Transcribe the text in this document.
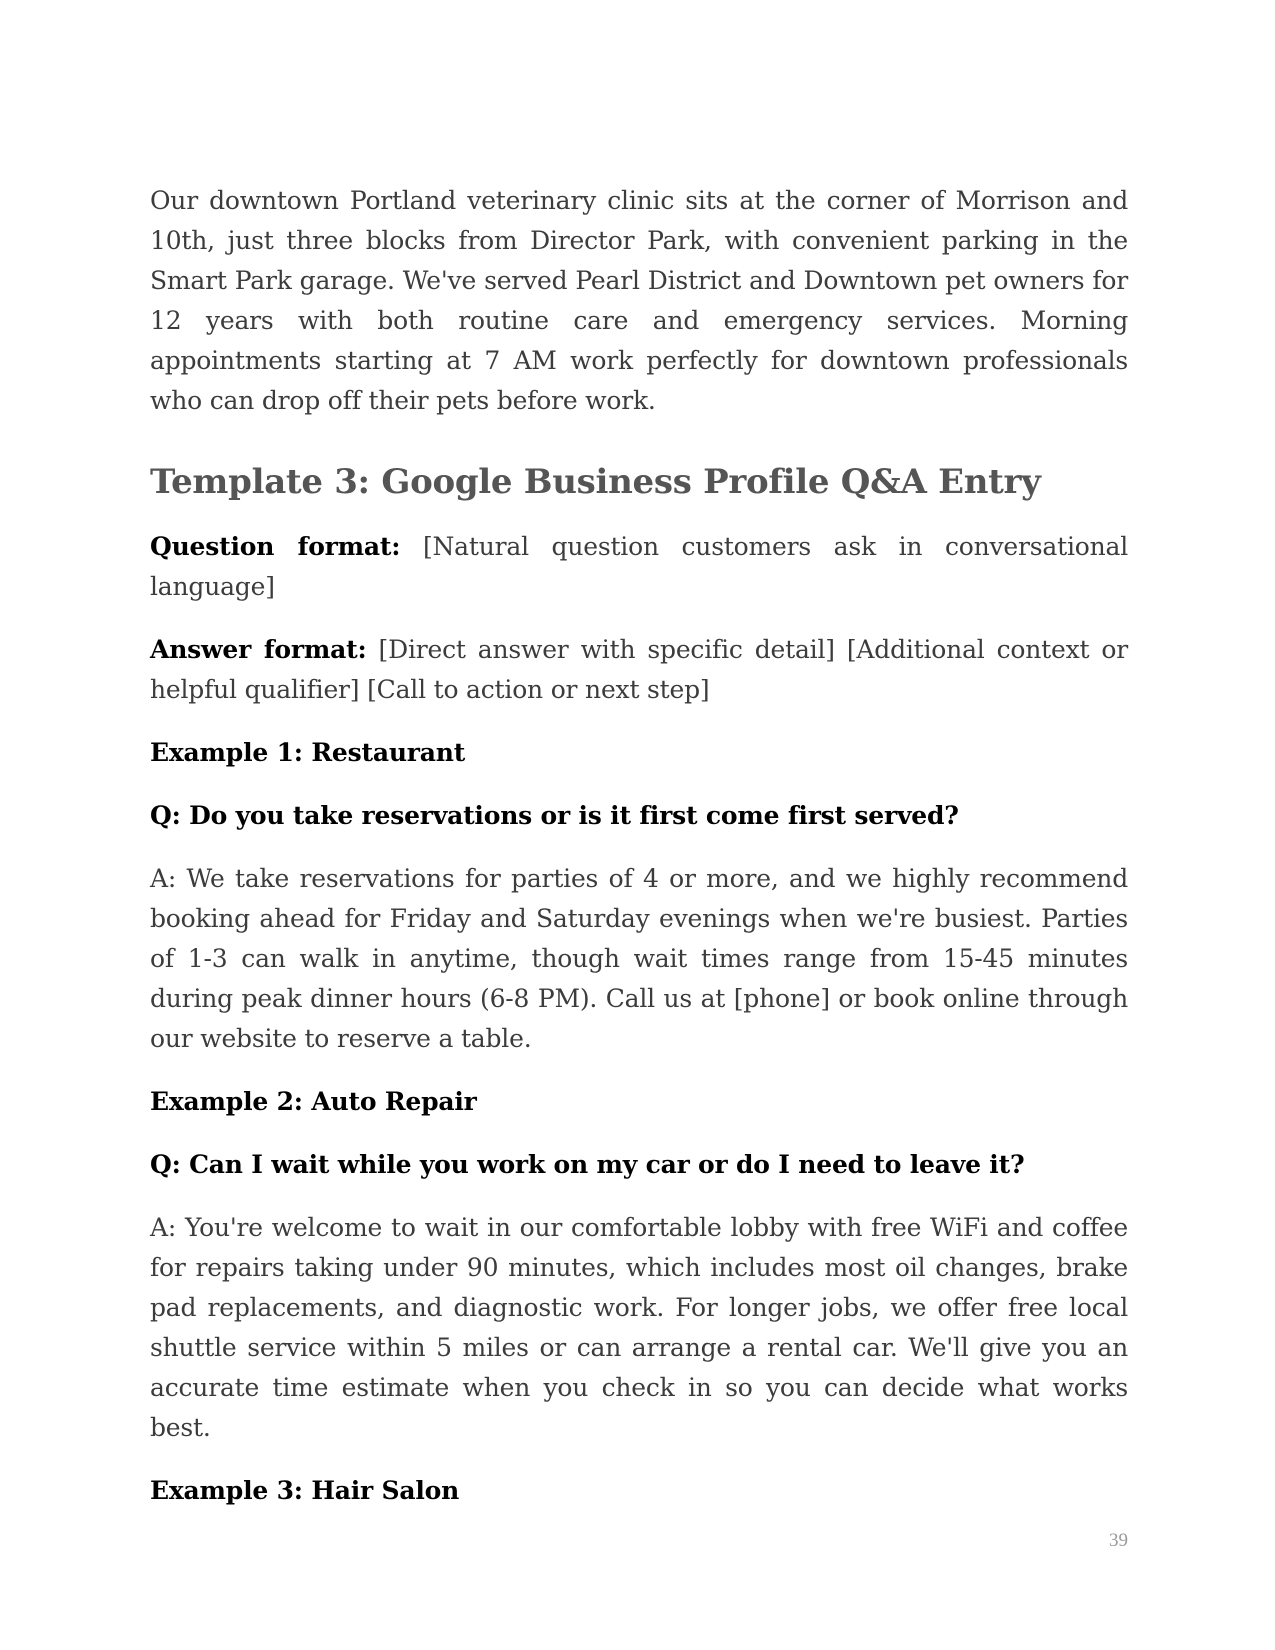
Our downtown Portland veterinary clinic sits at the corner of Morrison and 10th, just three blocks from Director Park, with convenient parking in the Smart Park garage. We've served Pearl District and Downtown pet owners for 12 years with both routine care and emergency services. Morning appointments starting at 7 AM work perfectly for downtown professionals who can drop off their pets before work.

Template 3: Google Business Profile Q&A Entry

Question format: [Natural question customers ask in conversational language]

Answer format: [Direct answer with specific detail] [Additional context or helpful qualifier] [Call to action or next step]

Example 1: Restaurant

Q: Do you take reservations or is it first come first served?

A: We take reservations for parties of 4 or more, and we highly recommend booking ahead for Friday and Saturday evenings when we're busiest. Parties of 1-3 can walk in anytime, though wait times range from 15-45 minutes during peak dinner hours (6-8 PM). Call us at [phone] or book online through our website to reserve a table.

Example 2: Auto Repair

Q: Can I wait while you work on my car or do I need to leave it?

A: You're welcome to wait in our comfortable lobby with free WiFi and coffee for repairs taking under 90 minutes, which includes most oil changes, brake pad replacements, and diagnostic work. For longer jobs, we offer free local shuttle service within 5 miles or can arrange a rental car. We'll give you an accurate time estimate when you check in so you can decide what works best.

Example 3: Hair Salon

39
